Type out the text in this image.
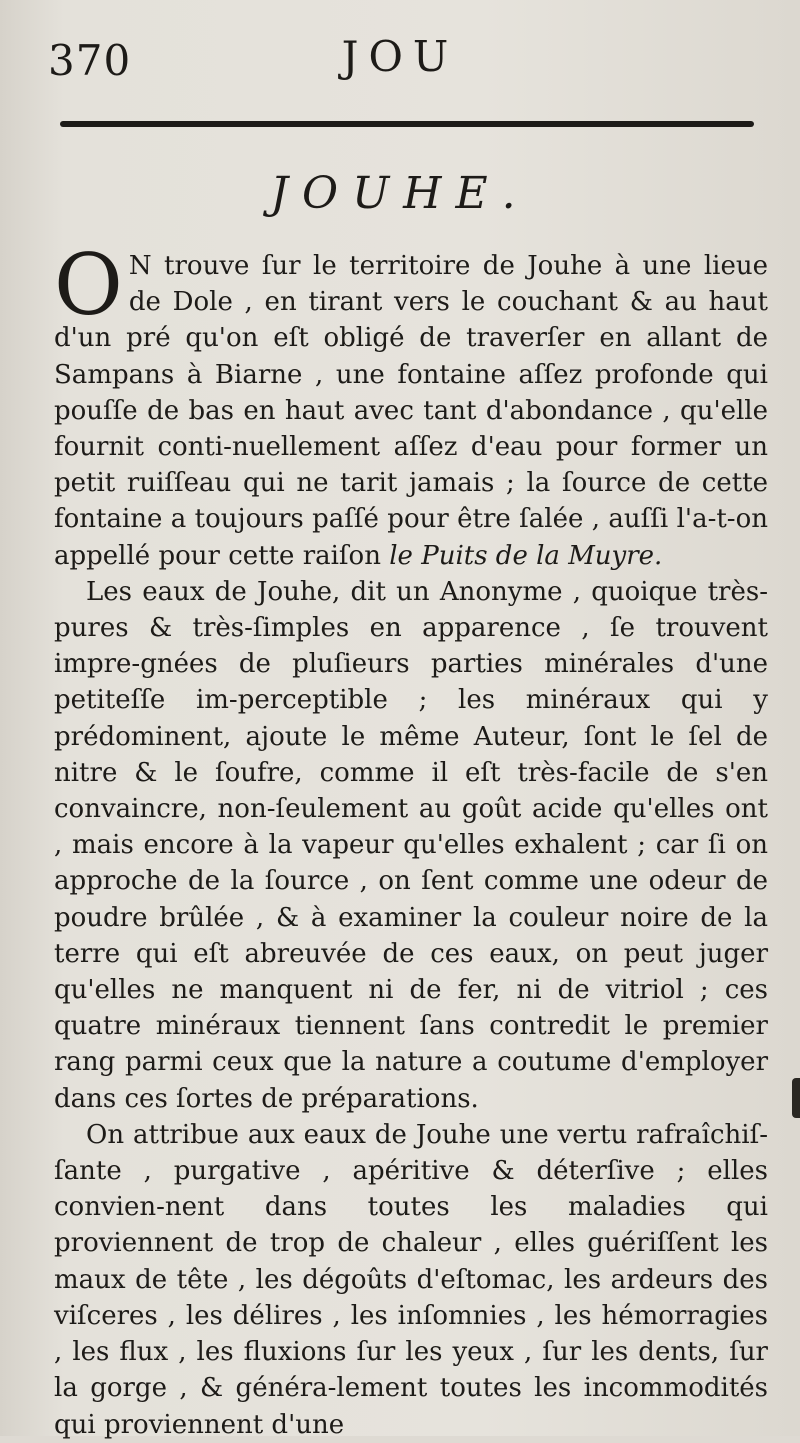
370	JOU
JOUHE.

O N trouve ſur le territoire de Jouhe à une lieue de Dole , en tirant vers le couchant & au haut d'un pré qu'on eſt obligé de traverſer en allant de Sampans à Biarne , une fontaine aſſez profonde qui pouſſe de bas en haut avec tant d'abondance , qu'elle fournit conti-nuellement aſſez d'eau pour former un petit ruiſſeau qui ne tarit jamais ; la ſource de cette fontaine a toujours paſſé pour être ſalée , auſſi l'a-t-on appellé pour cette raiſon le Puits de la Muyre.

Les eaux de Jouhe, dit un Anonyme , quoique très-pures & très-ſimples en apparence , ſe trouvent impre-gnées de pluſieurs parties minérales d'une petiteſſe im-perceptible ; les minéraux qui y prédominent, ajoute le même Auteur, ſont le ſel de nitre & le ſoufre, comme il eſt très-facile de s'en convaincre, non-ſeulement au goût acide qu'elles ont , mais encore à la vapeur qu'elles exhalent ; car ſi on approche de la ſource , on ſent comme une odeur de poudre brûlée , & à examiner la couleur noire de la terre qui eſt abreuvée de ces eaux, on peut juger qu'elles ne manquent ni de fer, ni de vitriol ; ces quatre minéraux tiennent ſans contredit le premier rang parmi ceux que la nature a coutume d'employer dans ces ſortes de préparations.

On attribue aux eaux de Jouhe une vertu rafraîchiſ-ſante , purgative , apéritive & déterſive ; elles convien-nent dans toutes les maladies qui proviennent de trop de chaleur , elles guériſſent les maux de tête , les dégoûts d'eſtomac, les ardeurs des viſceres , les délires , les inſomnies , les hémorragies , les flux , les fluxions ſur les yeux , ſur les dents, ſur la gorge , & généra-lement toutes les incommodités qui proviennent d'une
